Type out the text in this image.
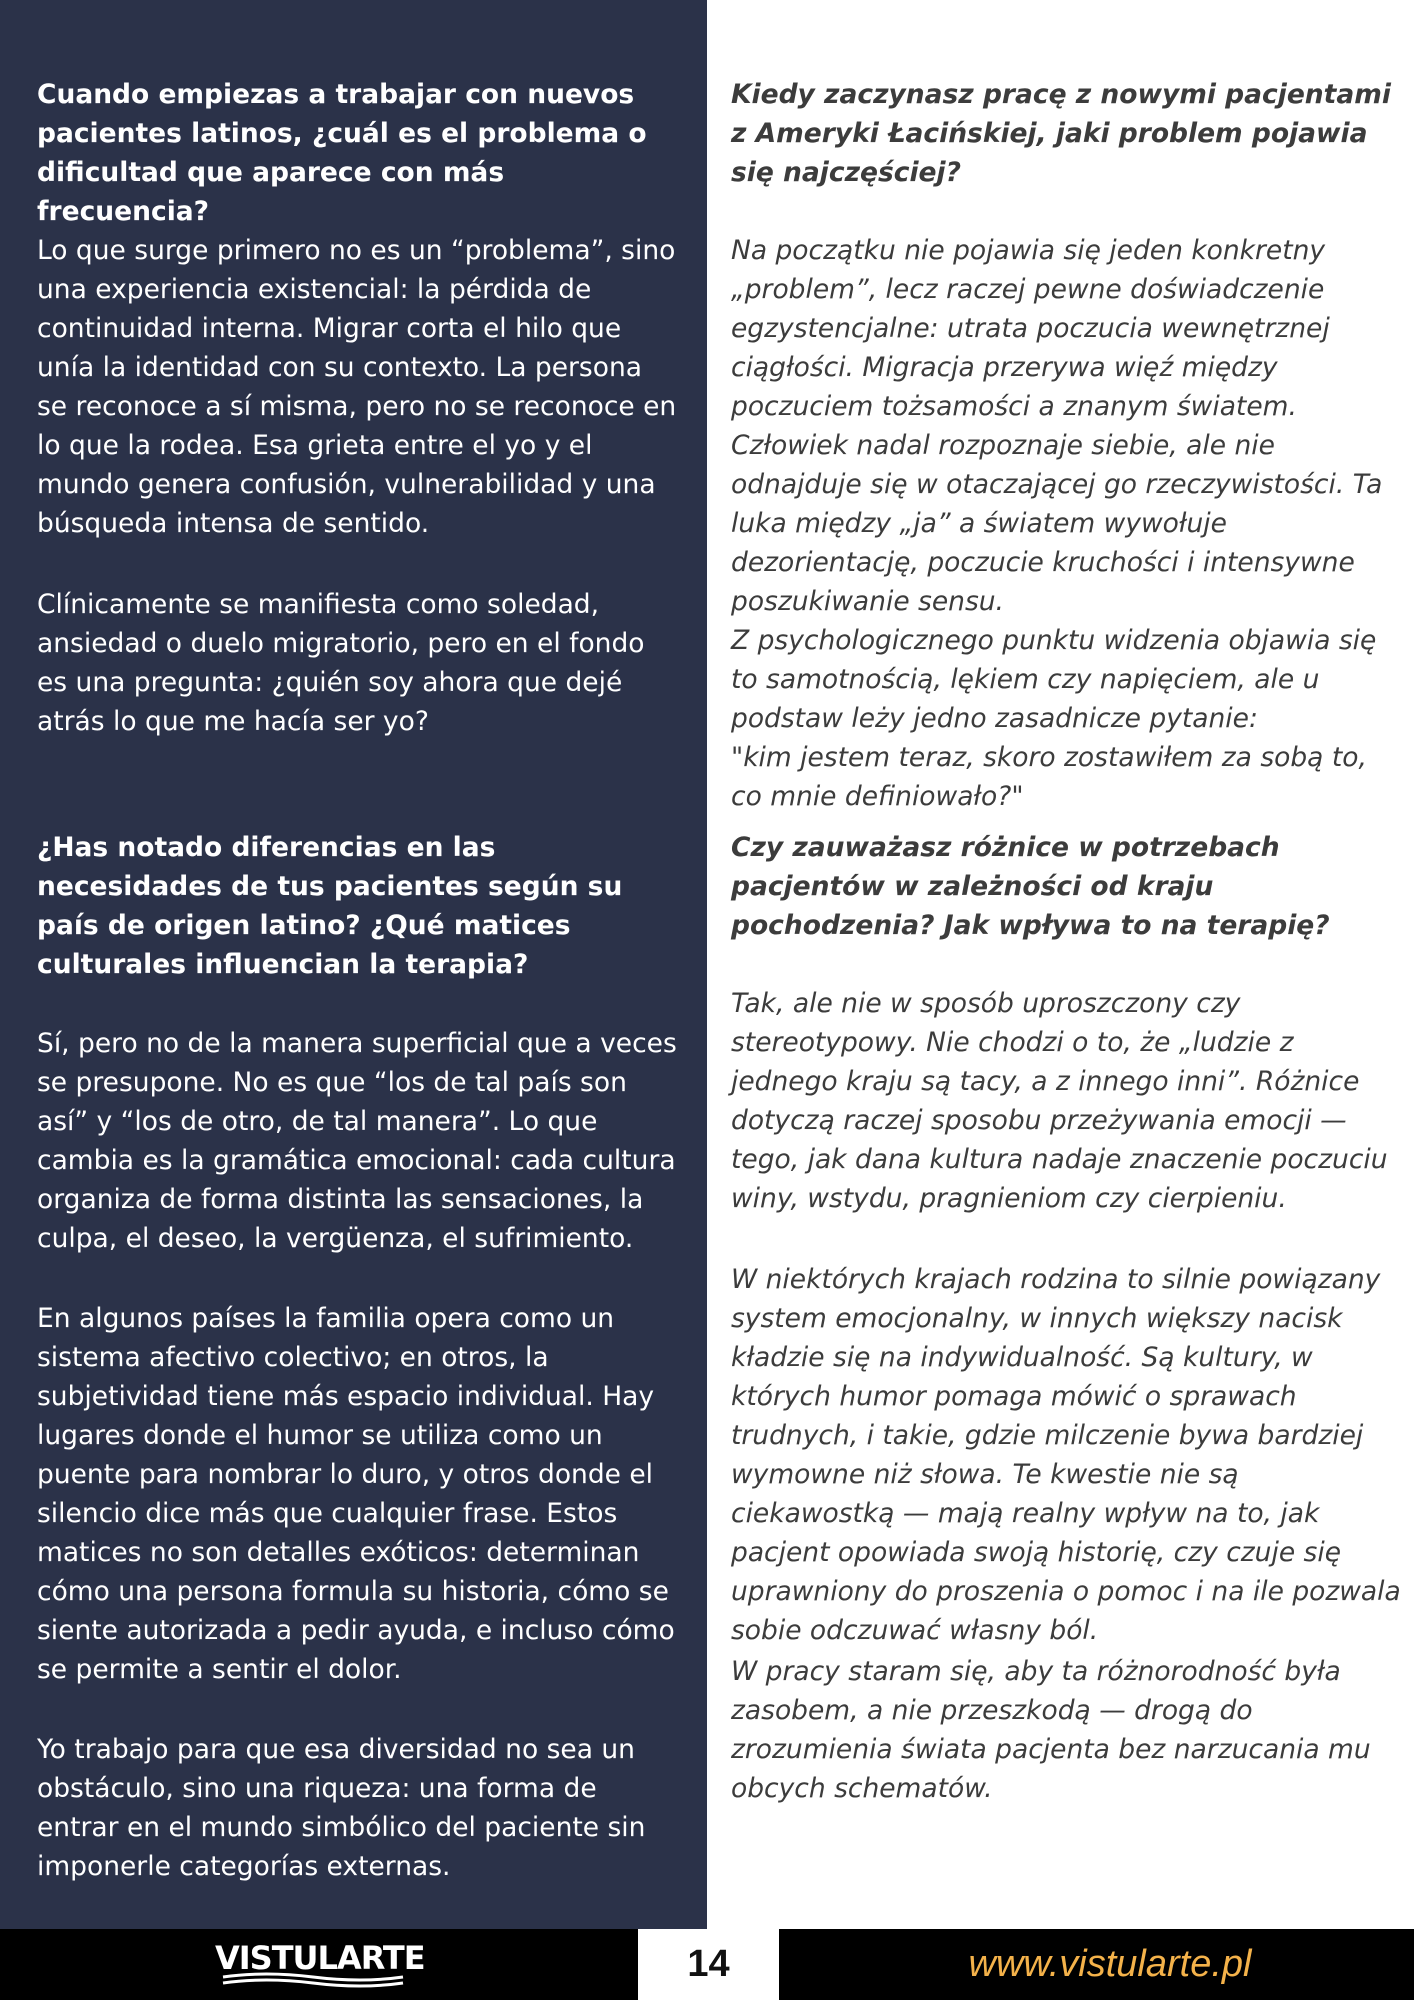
Cuando empiezas a trabajar con nuevos pacientes latinos, ¿cuál es el problema o dificultad que aparece con más frecuencia?

Lo que surge primero no es un “problema”, sino una experiencia existencial: la pérdida de continuidad interna. Migrar corta el hilo que unía la identidad con su contexto. La persona se reconoce a sí misma, pero no se reconoce en lo que la rodea. Esa grieta entre el yo y el mundo genera confusión, vulnerabilidad y una búsqueda intensa de sentido.

Clínicamente se manifiesta como soledad, ansiedad o duelo migratorio, pero en el fondo es una pregunta: ¿quién soy ahora que dejé atrás lo que me hacía ser yo?

¿Has notado diferencias en las necesidades de tus pacientes según su país de origen latino? ¿Qué matices culturales influencian la terapia?

Sí, pero no de la manera superficial que a veces se presupone. No es que “los de tal país son así” y “los de otro, de tal manera”. Lo que cambia es la gramática emocional: cada cultura organiza de forma distinta las sensaciones, la culpa, el deseo, la vergüenza, el sufrimiento.

En algunos países la familia opera como un sistema afectivo colectivo; en otros, la subjetividad tiene más espacio individual. Hay lugares donde el humor se utiliza como un puente para nombrar lo duro, y otros donde el silencio dice más que cualquier frase. Estos matices no son detalles exóticos: determinan cómo una persona formula su historia, cómo se siente autorizada a pedir ayuda, e incluso cómo se permite a sentir el dolor.

Yo trabajo para que esa diversidad no sea un obstáculo, sino una riqueza: una forma de entrar en el mundo simbólico del paciente sin imponerle categorías externas.

Kiedy zaczynasz pracę z nowymi pacjentami z Ameryki Łacińskiej, jaki problem pojawia się najczęściej?

Na początku nie pojawia się jeden konkretny „problem”, lecz raczej pewne doświadczenie egzystencjalne: utrata poczucia wewnętrznej ciągłości. Migracja przerywa więź między poczuciem tożsamości a znanym światem. Człowiek nadal rozpoznaje siebie, ale nie odnajduje się w otaczającej go rzeczywistości. Ta luka między „ja” a światem wywołuje dezorientację, poczucie kruchości i intensywne poszukiwanie sensu.
Z psychologicznego punktu widzenia objawia się to samotnością, lękiem czy napięciem, ale u podstaw leży jedno zasadnicze pytanie:
"kim jestem teraz, skoro zostawiłem za sobą to, co mnie definiowało?"

Czy zauważasz różnice w potrzebach pacjentów w zależności od kraju pochodzenia? Jak wpływa to na terapię?

Tak, ale nie w sposób uproszczony czy stereotypowy. Nie chodzi o to, że „ludzie z jednego kraju są tacy, a z innego inni”. Różnice dotyczą raczej sposobu przeżywania emocji — tego, jak dana kultura nadaje znaczenie poczuciu winy, wstydu, pragnieniom czy cierpieniu.

W niektórych krajach rodzina to silnie powiązany system emocjonalny, w innych większy nacisk kładzie się na indywidualność. Są kultury, w których humor pomaga mówić o sprawach trudnych, i takie, gdzie milczenie bywa bardziej wymowne niż słowa. Te kwestie nie są ciekawostką — mają realny wpływ na to, jak pacjent opowiada swoją historię, czy czuje się uprawniony do proszenia o pomoc i na ile pozwala sobie odczuwać własny ból.

W pracy staram się, aby ta różnorodność była zasobem, a nie przeszkodą — drogą do zrozumienia świata pacjenta bez narzucania mu obcych schematów.

VISTULARTE	14	www.vistularte.pl
